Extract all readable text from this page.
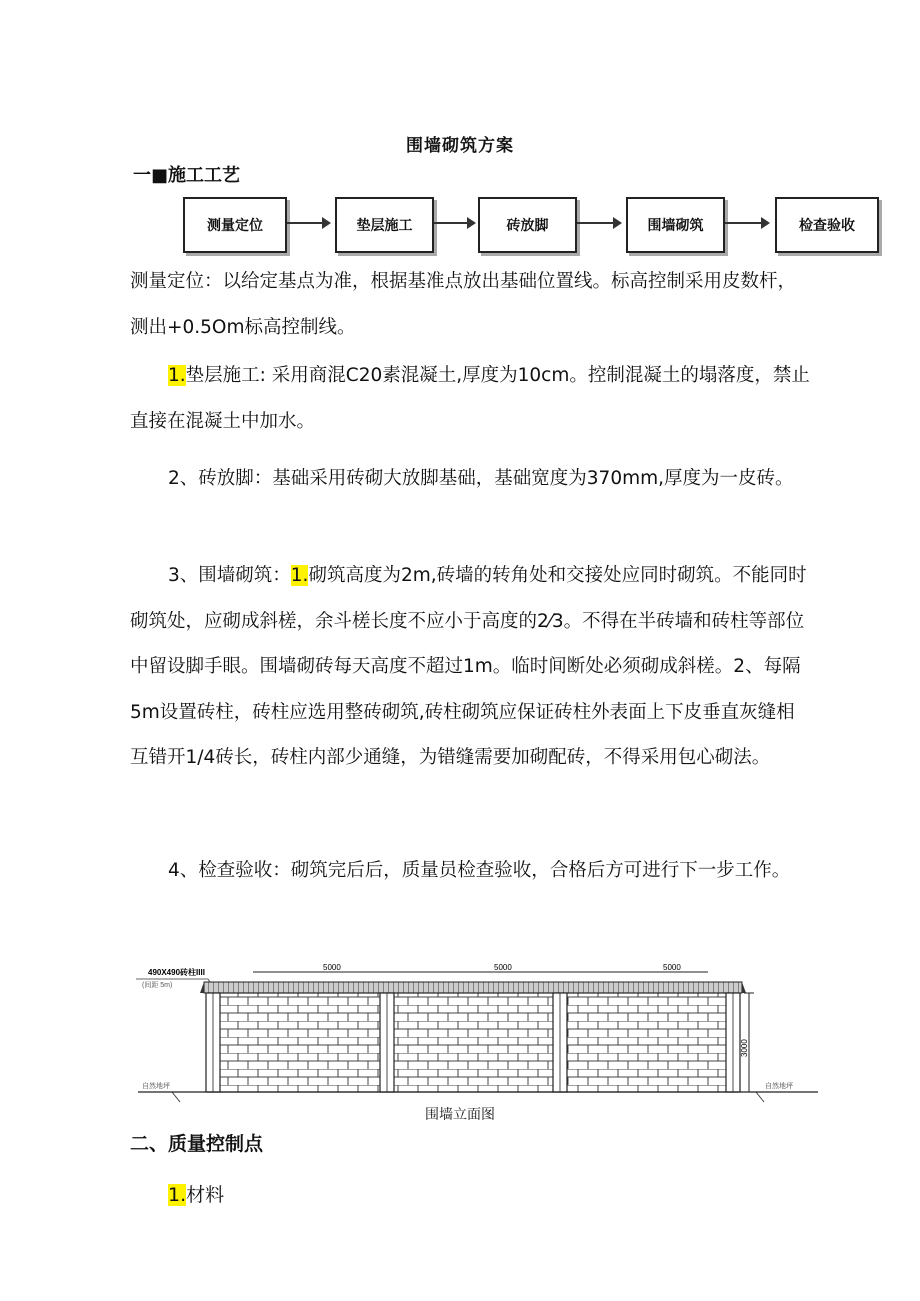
围墙砌筑方案
一■施工工艺
测量定位	垫层施工	砖放脚	围墙砌筑	检查验收
测量定位：以给定基点为准，根据基准点放出基础位置线。标高控制采用皮数杆，测出+0.5Om标高控制线。
1.垫层施工: 采用商混C20素混凝土,厚度为10cm。控制混凝土的塌落度，禁止直接在混凝土中加水。
2、砖放脚：基础采用砖砌大放脚基础，基础宽度为370mm,厚度为一皮砖。
3、围墙砌筑：1.砌筑高度为2m,砖墙的转角处和交接处应同时砌筑。不能同时砌筑处，应砌成斜槎，余斗槎长度不应小于高度的2⁄3。不得在半砖墙和砖柱等部位中留设脚手眼。围墙砌砖每天高度不超过1m。临时间断处必须砌成斜槎。2、每隔5m设置砖柱，砖柱应选用整砖砌筑,砖柱砌筑应保证砖柱外表面上下皮垂直灰缝相互错开1/4砖长，砖柱内部少通缝，为错缝需要加砌配砖，不得采用包心砌法。
4、检查验收：砌筑完后后，质量员检查验收，合格后方可进行下一步工作。
490X490砖柱IIII
(间距 5m)
5000	5000	5000
自然地坪	自然地坪
3000
围墙立面图
二、质量控制点
1.材料
